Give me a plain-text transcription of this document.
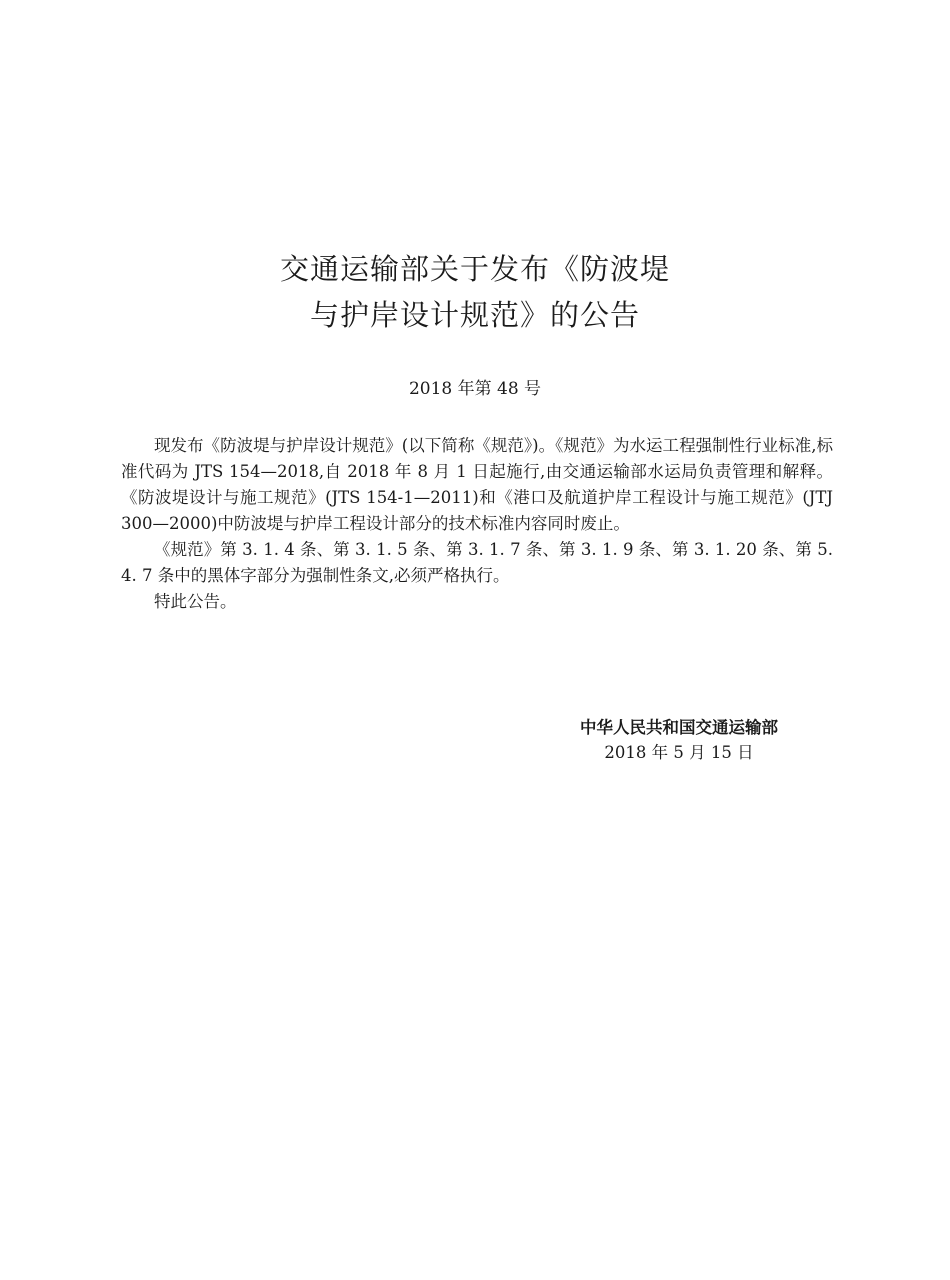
交通运输部关于发布《防波堤
与护岸设计规范》的公告
2018 年第 48 号

现发布《防波堤与护岸设计规范》(以下简称《规范》)。《规范》为水运工程强制性行业标准,标准代码为 JTS 154—2018,自 2018 年 8 月 1 日起施行,由交通运输部水运局负责管理和解释。《防波堤设计与施工规范》(JTS 154-1—2011)和《港口及航道护岸工程设计与施工规范》(JTJ 300—2000)中防波堤与护岸工程设计部分的技术标准内容同时废止。

《规范》第 3. 1. 4 条、第 3. 1. 5 条、第 3. 1. 7 条、第 3. 1. 9 条、第 3. 1. 20 条、第 5. 4. 7 条中的黑体字部分为强制性条文,必须严格执行。

特此公告。

中华人民共和国交通运输部
2018 年 5 月 15 日
